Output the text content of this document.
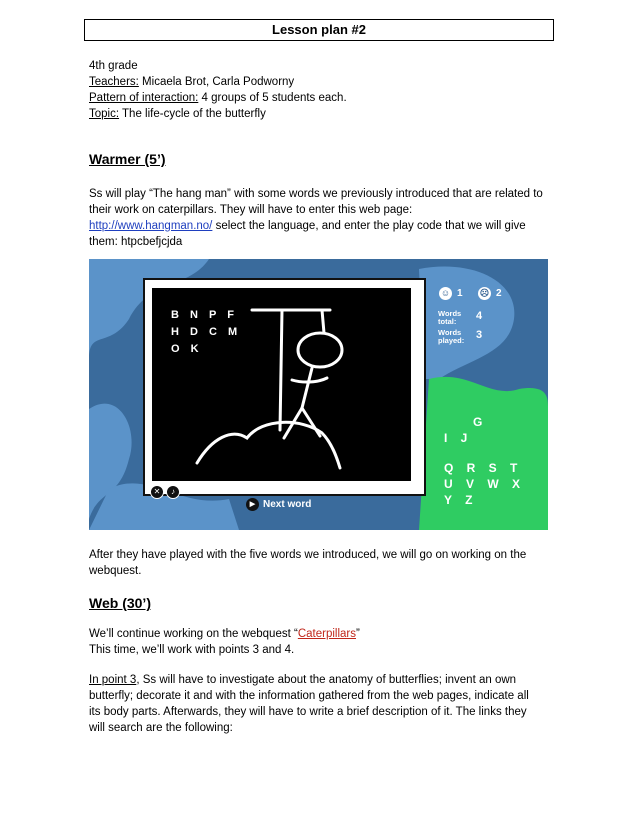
Lesson plan #2
4th grade
Teachers: Micaela Brot, Carla Podworny
Pattern of interaction: 4 groups of 5 students each.
Topic: The life-cycle of the butterfly
Warmer (5’)
Ss will play “The hang man” with some words we previously introduced that are related to
their work on caterpillars. They will have to enter this web page:
http://www.hangman.no/ select the language, and enter the play code that we will give
them: htpcbefjcjda
B N P F
H D C M
O K
✕	♪
▶ Next word
☺ 1 ☹ 2
Words
total:	4
Words
played: 3
G
I J
Q R S T
U V W X
Y Z
After they have played with the five words we introduced, we will go on working on the
webquest.
Web (30’)
We’ll continue working on the webquest “Caterpillars”
This time, we’ll work with points 3 and 4.
In point 3, Ss will have to investigate about the anatomy of butterflies; invent an own
butterfly; decorate it and with the information gathered from the web pages, indicate all
its body parts. Afterwards, they will have to write a brief description of it. The links they
will search are the following:
